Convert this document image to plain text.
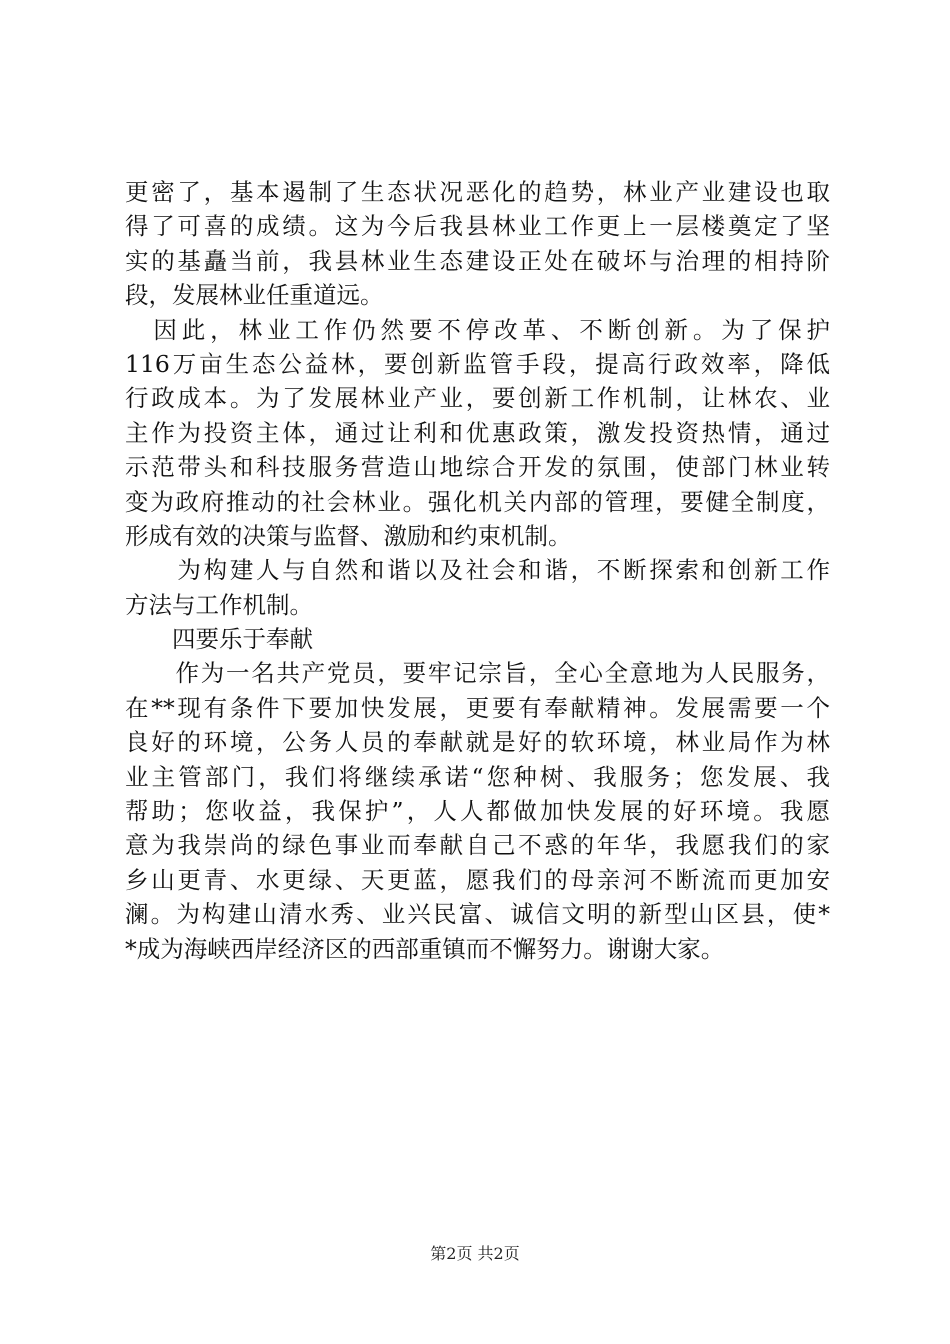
更密了，基本遏制了生态状况恶化的趋势，林业产业建设也取
得了可喜的成绩。这为今后我县林业工作更上一层楼奠定了坚
实的基矗当前，我县林业生态建设正处在破坏与治理的相持阶
段，发展林业任重道远。
　因此，林业工作仍然要不停改革、不断创新。为了保护
116万亩生态公益林，要创新监管手段，提高行政效率，降低
行政成本。为了发展林业产业，要创新工作机制，让林农、业
主作为投资主体，通过让利和优惠政策，激发投资热情，通过
示范带头和科技服务营造山地综合开发的氛围，使部门林业转
变为政府推动的社会林业。强化机关内部的管理，要健全制度，
形成有效的决策与监督、激励和约束机制。
　　为构建人与自然和谐以及社会和谐，不断探索和创新工作
方法与工作机制。
　　四要乐于奉献
　　作为一名共产党员，要牢记宗旨，全心全意地为人民服务，
在**现有条件下要加快发展，更要有奉献精神。发展需要一个
良好的环境，公务人员的奉献就是好的软环境，林业局作为林
业主管部门，我们将继续承诺“您种树、我服务；您发展、我
帮助；您收益，我保护”，人人都做加快发展的好环境。我愿
意为我崇尚的绿色事业而奉献自己不惑的年华，我愿我们的家
乡山更青、水更绿、天更蓝，愿我们的母亲河不断流而更加安
澜。为构建山清水秀、业兴民富、诚信文明的新型山区县，使*
*成为海峡西岸经济区的西部重镇而不懈努力。谢谢大家。
第2页 共2页
